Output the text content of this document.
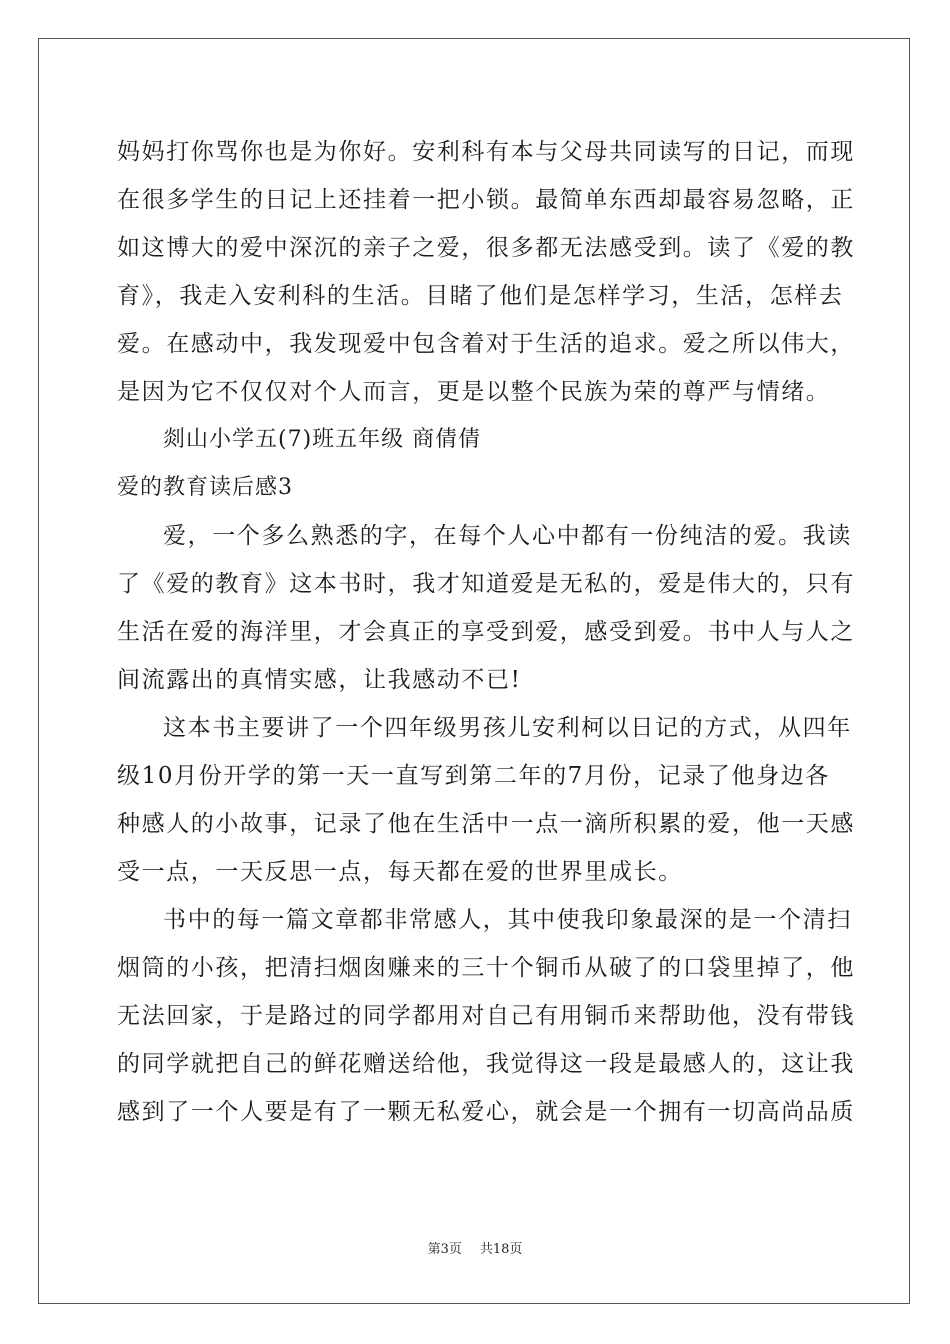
妈妈打你骂你也是为你好。安利科有本与父母共同读写的日记，而现
在很多学生的日记上还挂着一把小锁。最简单东西却最容易忽略，正
如这博大的爱中深沉的亲子之爱，很多都无法感受到。读了《爱的教
育》，我走入安利科的生活。目睹了他们是怎样学习，生活，怎样去
爱。在感动中，我发现爱中包含着对于生活的追求。爱之所以伟大，
是因为它不仅仅对个人而言，更是以整个民族为荣的尊严与情绪。
剡山小学五(7)班五年级 商倩倩
爱的教育读后感3
爱，一个多么熟悉的字，在每个人心中都有一份纯洁的爱。我读
了《爱的教育》这本书时，我才知道爱是无私的，爱是伟大的，只有
生活在爱的海洋里，才会真正的享受到爱，感受到爱。书中人与人之
间流露出的真情实感，让我感动不已!
这本书主要讲了一个四年级男孩儿安利柯以日记的方式，从四年
级10月份开学的第一天一直写到第二年的7月份，记录了他身边各
种感人的小故事，记录了他在生活中一点一滴所积累的爱，他一天感
受一点，一天反思一点，每天都在爱的世界里成长。
书中的每一篇文章都非常感人，其中使我印象最深的是一个清扫
烟筒的小孩，把清扫烟囱赚来的三十个铜币从破了的口袋里掉了，他
无法回家，于是路过的同学都用对自己有用铜币来帮助他，没有带钱
的同学就把自己的鲜花赠送给他，我觉得这一段是最感人的，这让我
感到了一个人要是有了一颗无私爱心，就会是一个拥有一切高尚品质
第3页 共18页
